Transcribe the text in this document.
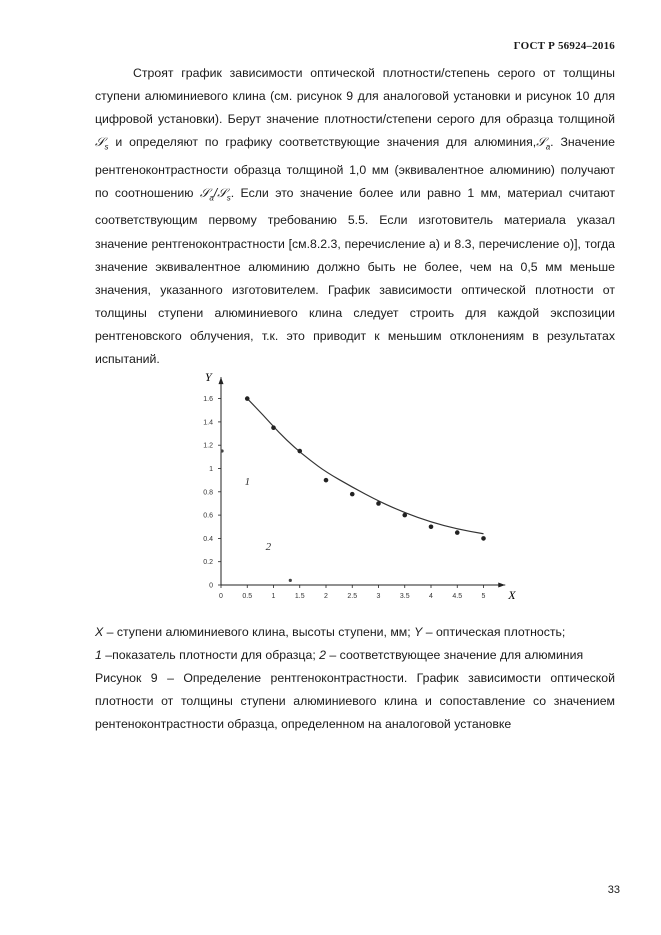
ГОСТ Р 56924–2016

Строят график зависимости оптической плотности/степень серого от толщины ступени алюминиевого клина (см. рисунок 9 для аналоговой установки и рисунок 10 для цифровой установки). Берут значение плотности/степени серого для образца толщиной 𝒮$_s$ и определяют по графику соответствующие значения для алюминия,𝒮$_a$. Значение рентгеноконтрастности образца толщиной 1,0 мм (эквивалентное алюминию) получают по соотношению 𝒮$_a$/𝒮$_s$. Если это значение более или равно 1 мм, материал считают соответствующим первому требованию 5.5. Если изготовитель материала указал значение рентгеноконтрастности [см.8.2.3, перечисление а) и 8.3, перечисление о)], тогда значение эквивалентное алюминию должно быть не более, чем на 0,5 мм меньше значения, указанного изготовителем. График зависимости оптической плотности от толщины ступени алюминиевого клина следует строить для каждой экспозиции рентгеновского облучения, т.к. это приводит к меньшим отклонениям в результатах испытаний.

0	0.5	1	1.5	2	2.5	3	3.5	4	4.5	5
0
0.2
0.4
0.6
0.8
1
1.2
1.4
1.6
1
2
X
Y

X – ступени алюминиевого клина, высоты ступени, мм; Y – оптическая плотность;
1 –показатель плотности для образца; 2 – соответствующее значение для алюминия

Рисунок 9 – Определение рентгеноконтрастности. График зависимости оптической плотности от толщины ступени алюминиевого клина и сопоставление со значением рентеноконтрастности образца, определенном на аналоговой установке

33
